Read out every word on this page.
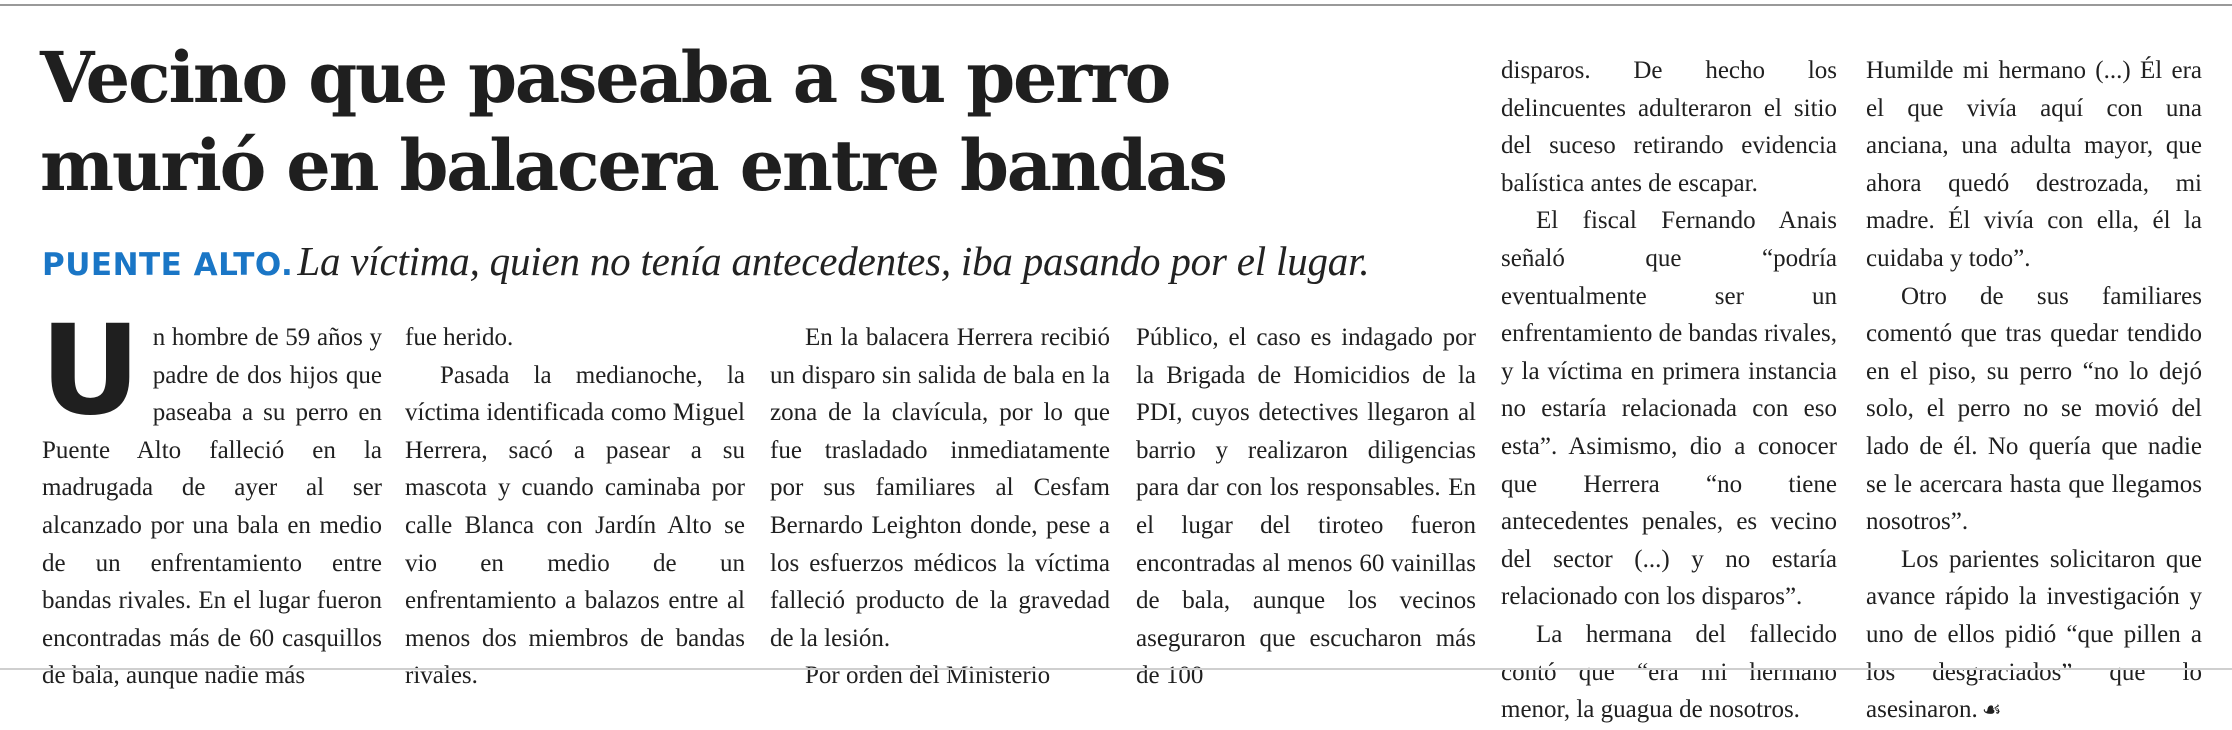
Vecino que paseaba a su perro
murió en balacera entre bandas

PUENTE ALTO. La víctima, quien no tenía antecedentes, iba pasando por el lugar.

U n hombre de 59 años y padre de dos hijos que paseaba a su perro en Puente Alto falleció en la madrugada de ayer al ser alcanzado por una bala en medio de un enfrentamiento entre bandas rivales. En el lugar fueron encontradas más de 60 casquillos de bala, aunque nadie más

fue herido.

Pasada la medianoche, la víctima identificada como Miguel Herrera, sacó a pasear a su mascota y cuando caminaba por calle Blanca con Jardín Alto se vio en medio de un enfrentamiento a balazos entre al menos dos miembros de bandas rivales.

En la balacera Herrera recibió un disparo sin salida de bala en la zona de la clavícula, por lo que fue trasladado inmediatamente por sus familiares al Cesfam Bernardo Leighton donde, pese a los esfuerzos médicos la víctima falleció producto de la gravedad de la lesión.

Por orden del Ministerio

Público, el caso es indagado por la Brigada de Homicidios de la PDI, cuyos detectives llegaron al barrio y realizaron diligencias para dar con los responsables. En el lugar del tiroteo fueron encontradas al menos 60 vainillas de bala, aunque los vecinos aseguraron que escucharon más de 100

disparos. De hecho los delincuentes adulteraron el sitio del suceso retirando evidencia balística antes de escapar.

El fiscal Fernando Anais señaló que “podría eventualmente ser un enfrentamiento de bandas rivales, y la víctima en primera instancia no estaría relacionada con eso esta”. Asimismo, dio a conocer que Herrera “no tiene antecedentes penales, es vecino del sector (...) y no estaría relacionado con los disparos”.

La hermana del fallecido contó que “era mi hermano menor, la guagua de nosotros.

Humilde mi hermano (...) Él era el que vivía aquí con una anciana, una adulta mayor, que ahora quedó destrozada, mi madre. Él vivía con ella, él la cuidaba y todo”.

Otro de sus familiares comentó que tras quedar tendido en el piso, su perro “no lo dejó solo, el perro no se movió del lado de él. No quería que nadie se le acercara hasta que llegamos nosotros”.

Los parientes solicitaron que avance rápido la investigación y uno de ellos pidió “que pillen a los desgraciados” que lo asesinaron. ☙
